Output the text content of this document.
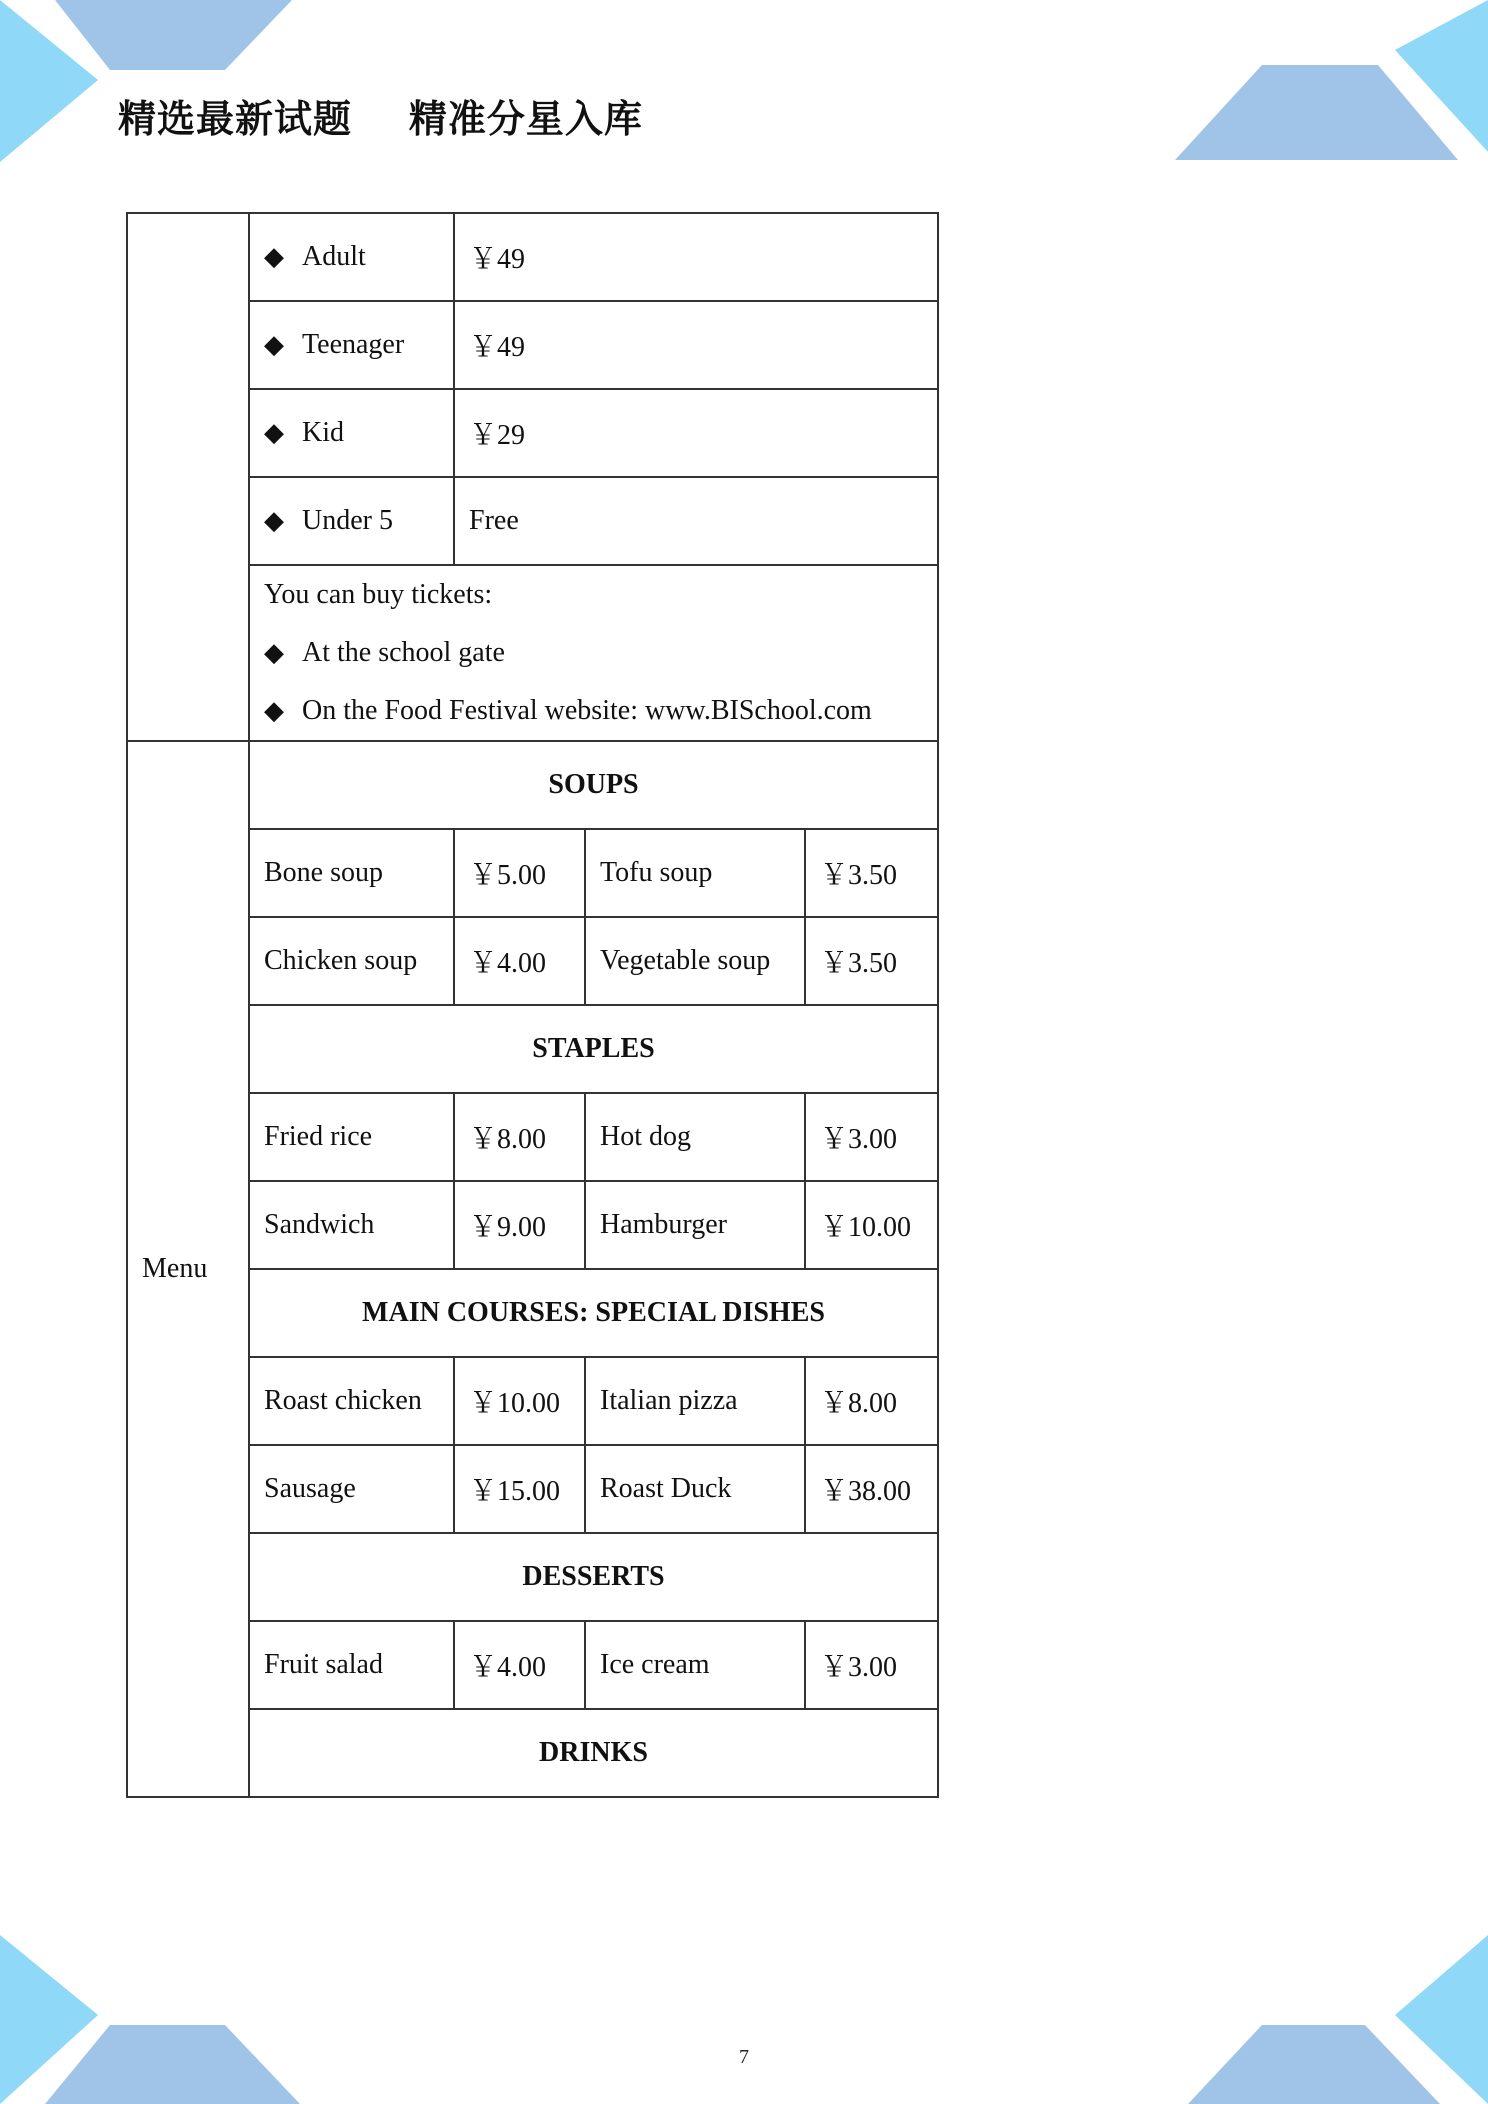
精选最新试题    精准分星入库
	◆ Adult	￥49		
	◆ Teenager	￥49		
	◆ Kid	￥29		
	◆ Under 5	Free		

	You can buy tickets:
◆ At the school gate
◆ On the Food Festival website: www.BISchool.com			

Menu	SOUPS			
	Bone soup	￥5.00	Tofu soup	￥3.50
	Chicken soup	￥4.00	Vegetable soup	￥3.50
	STAPLES			
	Fried rice	￥8.00	Hot dog	￥3.00
	Sandwich	￥9.00	Hamburger	￥10.00
	MAIN COURSES: SPECIAL DISHES			
	Roast chicken	￥10.00	Italian pizza	￥8.00
	Sausage	￥15.00	Roast Duck	￥38.00
	DESSERTS			
	Fruit salad	￥4.00	Ice cream	￥3.00
	DRINKS			
7
